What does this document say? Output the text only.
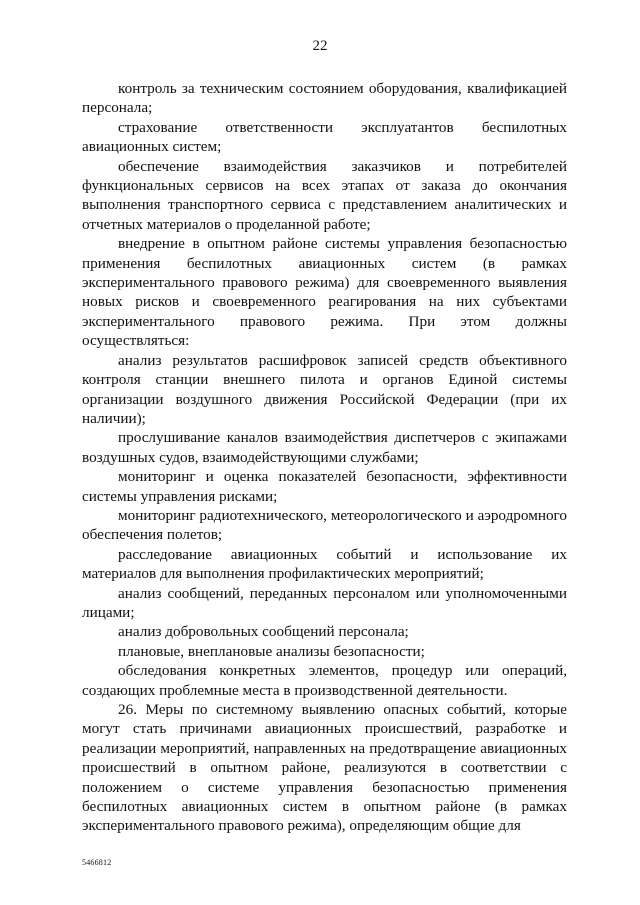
22

контроль за техническим состоянием оборудования, квалификацией персонала;

страхование ответственности эксплуатантов беспилотных авиационных систем;

обеспечение взаимодействия заказчиков и потребителей функциональных сервисов на всех этапах от заказа до окончания выполнения транспортного сервиса с представлением аналитических и отчетных материалов о проделанной работе;

внедрение в опытном районе системы управления безопасностью применения беспилотных авиационных систем (в рамках экспериментального правового режима) для своевременного выявления новых рисков и своевременного реагирования на них субъектами экспериментального правового режима. При этом должны осуществляться:

анализ результатов расшифровок записей средств объективного контроля станции внешнего пилота и органов Единой системы организации воздушного движения Российской Федерации (при их наличии);

прослушивание каналов взаимодействия диспетчеров с экипажами воздушных судов, взаимодействующими службами;

мониторинг и оценка показателей безопасности, эффективности системы управления рисками;

мониторинг радиотехнического, метеорологического и аэродромного обеспечения полетов;

расследование авиационных событий и использование их материалов для выполнения профилактических мероприятий;

анализ сообщений, переданных персоналом или уполномоченными лицами;

анализ добровольных сообщений персонала;

плановые, внеплановые анализы безопасности;

обследования конкретных элементов, процедур или операций, создающих проблемные места в производственной деятельности.

26. Меры по системному выявлению опасных событий, которые могут стать причинами авиационных происшествий, разработке и реализации мероприятий, направленных на предотвращение авиационных происшествий в опытном районе, реализуются в соответствии с положением о системе управления безопасностью применения беспилотных авиационных систем в опытном районе (в рамках экспериментального правового режима), определяющим общие для

5466812
